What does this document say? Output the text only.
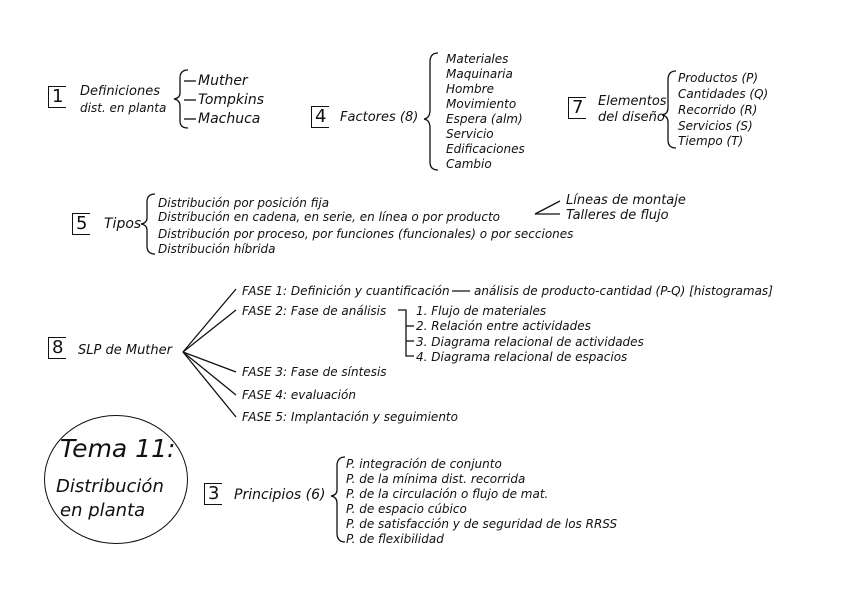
Tema 11:
Distribución
en planta
1 Definiciones
dist. en planta
Muther
Tompkins
Machuca	4 Factores (8)
Materiales
Maquinaria
Hombre
Movimiento
Espera (alm)
Servicio
Edificaciones
Cambio
7 Elementos
del diseño
Productos (P)
Cantidades (Q)
Recorrido (R)
Servicios (S)
Tiempo (T)
5 Tipos
Distribución por posición fija
Distribución en cadena, en serie, en línea o por producto
Distribución por proceso, por funciones (funcionales) o por secciones
Distribución híbrida
Líneas de montaje
Talleres de flujo
8 SLP de Muther
FASE 1: Definición y cuantificación análisis de producto-cantidad (P-Q) [histogramas]
FASE 2: Fase de análisis 1. Flujo de materiales
2. Relación entre actividades
3. Diagrama relacional de actividades
4. Diagrama relacional de espacios
FASE 3: Fase de síntesis
FASE 4: evaluación
FASE 5: Implantación y seguimiento
3 Principios (6)
P. integración de conjunto
P. de la mínima dist. recorrida
P. de la circulación o flujo de mat.
P. de espacio cúbico
P. de satisfacción y de seguridad de los RRSS
P. de flexibilidad
